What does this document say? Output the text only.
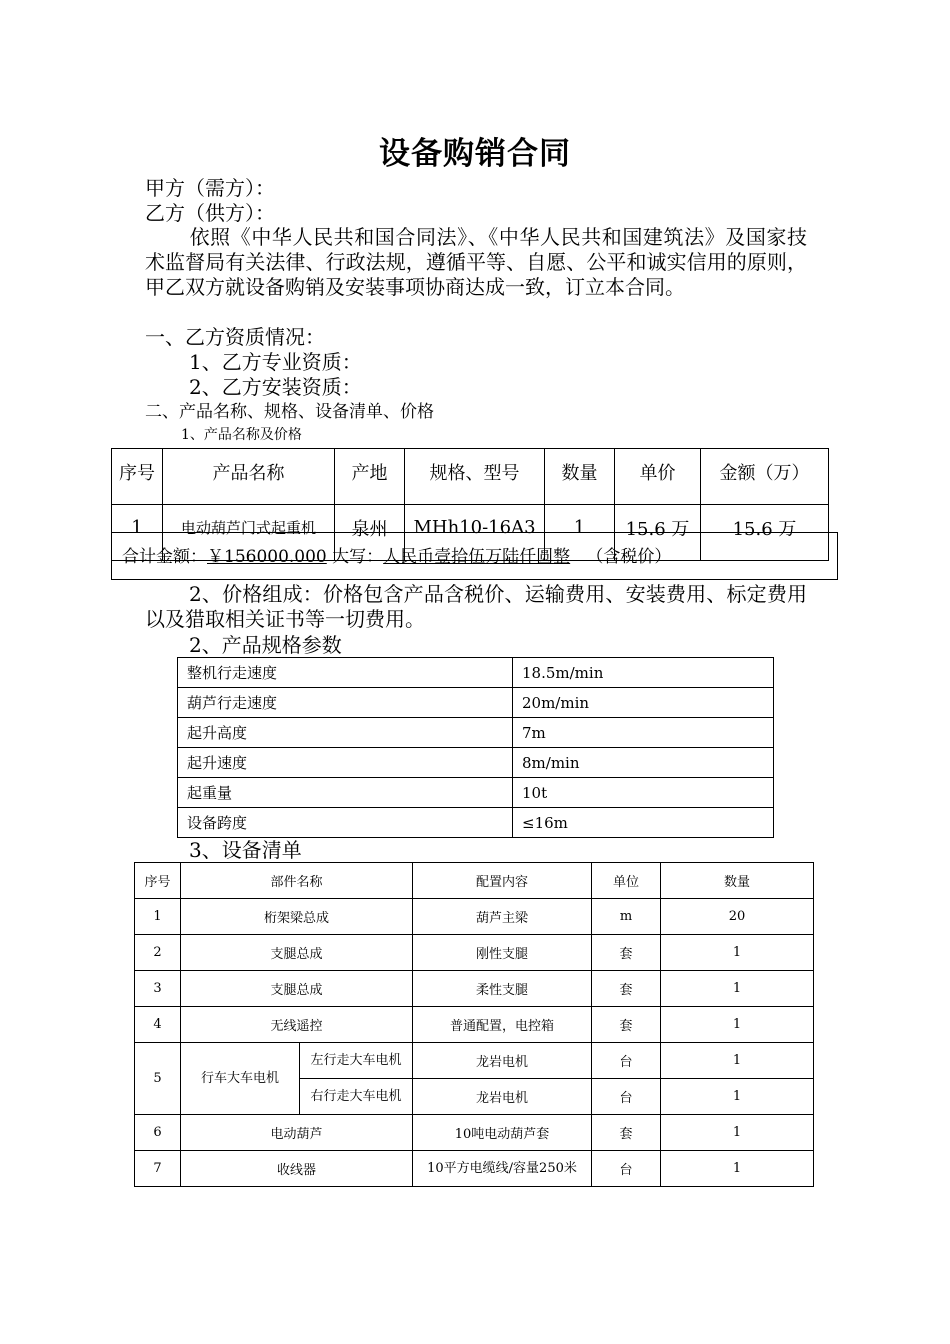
设备购销合同
甲方（需方）：
乙方（供方）：
依照《中华人民共和国合同法》、《中华人民共和国建筑法》及国家技术监督局有关法律、行政法规，遵循平等、自愿、公平和诚实信用的原则，甲乙双方就设备购销及安装事项协商达成一致，订立本合同。
一、乙方资质情况：
1、乙方专业资质：
2、乙方安装资质：
二、产品名称、规格、设备清单、价格
1、产品名称及价格
序号	产品名称	产地	规格、型号	数量	单价	金额（万）
1	电动葫芦门式起重机	泉州	MHh10-16A3	1	15.6 万	15.6 万
合计金额：￥156000.000 大写：人民币壹拾伍万陆仟圆整 （含税价）
2、价格组成：价格包含产品含税价、运输费用、安装费用、标定费用以及猎取相关证书等一切费用。
2、产品规格参数
整机行走速度	18.5m/min
葫芦行走速度	20m/min
起升高度	7m
起升速度	8m/min
起重量	10t
设备跨度	≤16m
3、设备清单
序号	部件名称		配置内容	单位	数量
1	桁架梁总成		葫芦主梁	m	20
2	支腿总成		刚性支腿	套	1
3	支腿总成		柔性支腿	套	1
4	无线遥控		普通配置，电控箱	套	1
5	行车大车电机	左行走大车电机	龙岩电机	台	1
		右行走大车电机	龙岩电机	台	1
6	电动葫芦		10吨电动葫芦套	套	1
7	收线器		10平方电缆线/容量250米	台	1
